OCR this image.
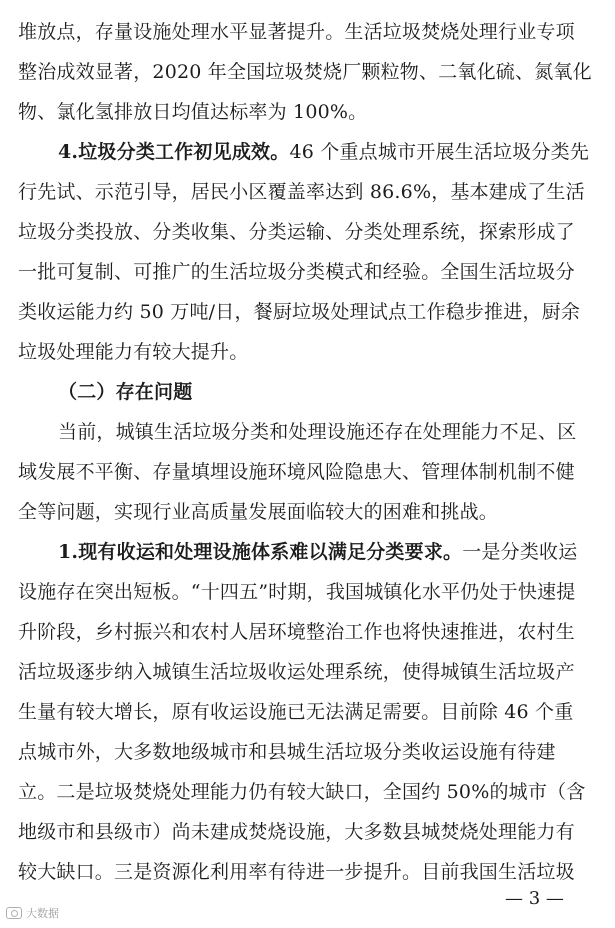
堆放点，存量设施处理水平显著提升。生活垃圾焚烧处理行业专项
整治成效显著，2020 年全国垃圾焚烧厂颗粒物、二氧化硫、氮氧化
物、氯化氢排放日均值达标率为 100%。
4.垃圾分类工作初见成效。46 个重点城市开展生活垃圾分类先
行先试、示范引导，居民小区覆盖率达到 86.6%，基本建成了生活
垃圾分类投放、分类收集、分类运输、分类处理系统，探索形成了
一批可复制、可推广的生活垃圾分类模式和经验。全国生活垃圾分
类收运能力约 50 万吨/日，餐厨垃圾处理试点工作稳步推进，厨余
垃圾处理能力有较大提升。
（二）存在问题
当前，城镇生活垃圾分类和处理设施还存在处理能力不足、区
域发展不平衡、存量填埋设施环境风险隐患大、管理体制机制不健
全等问题，实现行业高质量发展面临较大的困难和挑战。
1.现有收运和处理设施体系难以满足分类要求。一是分类收运
设施存在突出短板。“十四五”时期，我国城镇化水平仍处于快速提
升阶段，乡村振兴和农村人居环境整治工作也将快速推进，农村生
活垃圾逐步纳入城镇生活垃圾收运处理系统，使得城镇生活垃圾产
生量有较大增长，原有收运设施已无法满足需要。目前除 46 个重
点城市外，大多数地级城市和县城生活垃圾分类收运设施有待建
立。二是垃圾焚烧处理能力仍有较大缺口，全国约 50%的城市（含
地级市和县级市）尚未建成焚烧设施，大多数县城焚烧处理能力有
较大缺口。三是资源化利用率有待进一步提升。目前我国生活垃圾
大数据
— 3 —
